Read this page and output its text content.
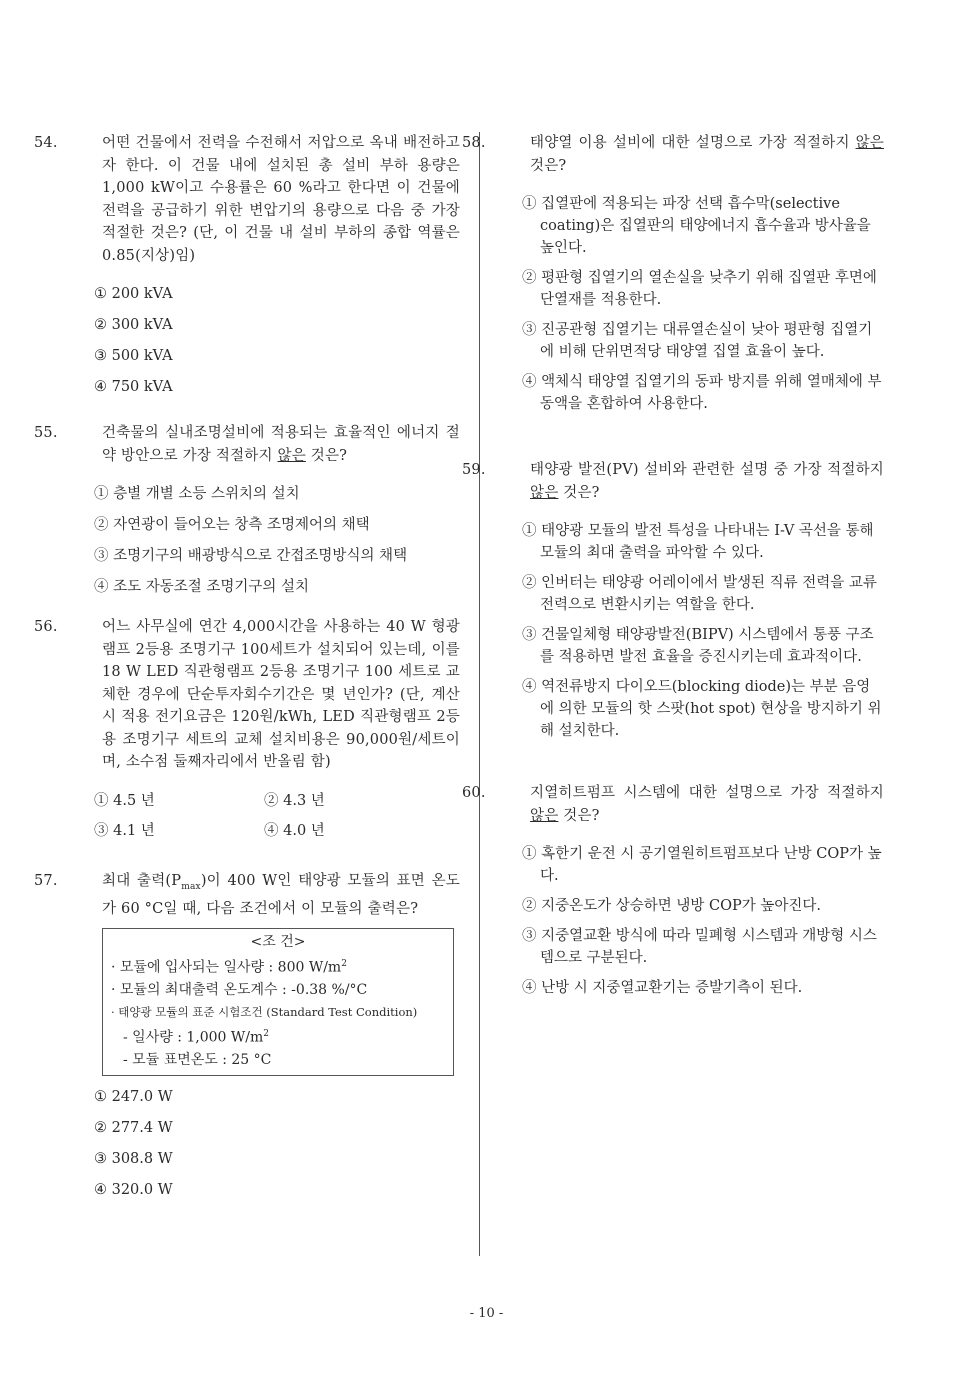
54.	어떤 건물에서 전력을 수전해서 저압으로 옥내 배전하고자 한다. 이 건물 내에 설치된 총 설비 부하 용량은 1,000 kW이고 수용률은 60 %라고 한다면 이 건물에 전력을 공급하기 위한 변압기의 용량으로 다음 중 가장 적절한 것은? (단, 이 건물 내 설비 부하의 종합 역률은 0.85(지상)임)
① 200 kVA
② 300 kVA
③ 500 kVA
④ 750 kVA
55.	건축물의 실내조명설비에 적용되는 효율적인 에너지 절약 방안으로 가장 적절하지 않은 것은?
① 층별 개별 소등 스위치의 설치
② 자연광이 들어오는 창측 조명제어의 채택
③ 조명기구의 배광방식으로 간접조명방식의 채택
④ 조도 자동조절 조명기구의 설치
56.	어느 사무실에 연간 4,000시간을 사용하는 40 W 형광램프 2등용 조명기구 100세트가 설치되어 있는데, 이를 18 W LED 직관형램프 2등용 조명기구 100 세트로 교체한 경우에 단순투자회수기간은 몇 년인가? (단, 계산 시 적용 전기요금은 120원/kWh, LED 직관형램프 2등용 조명기구 세트의 교체 설치비용은 90,000원/세트이며, 소수점 둘째자리에서 반올림 함)
① 4.5 년	② 4.3 년
③ 4.1 년	④ 4.0 년
57.	최대 출력$(P_{max})$이 400 W인 태양광 모듈의 표면 온도가 60 °C일 때, 다음 조건에서 이 모듈의 출력은?
<조 건>
· 모듈에 입사되는 일사량 : 800 $W/m^2$
· 모듈의 최대출력 온도계수 : -0.38 %/°C
· 태양광 모듈의 표준 시험조건 (Standard Test Condition)
- 일사량 : 1,000 $W/m^2$
- 모듈 표면온도 : 25 °C
① 247.0 W
② 277.4 W
③ 308.8 W
④ 320.0 W
58.	태양열 이용 설비에 대한 설명으로 가장 적절하지 않은 것은?
① 집열판에 적용되는 파장 선택 흡수막(selective coating)은 집열판의 태양에너지 흡수율과 방사율을 높인다.
② 평판형 집열기의 열손실을 낮추기 위해 집열판 후면에 단열재를 적용한다.
③ 진공관형 집열기는 대류열손실이 낮아 평판형 집열기에 비해 단위면적당 태양열 집열 효율이 높다.
④ 액체식 태양열 집열기의 동파 방지를 위해 열매체에 부동액을 혼합하여 사용한다.
59.	태양광 발전(PV) 설비와 관련한 설명 중 가장 적절하지 않은 것은?
① 태양광 모듈의 발전 특성을 나타내는 I-V 곡선을 통해 모듈의 최대 출력을 파악할 수 있다.
② 인버터는 태양광 어레이에서 발생된 직류 전력을 교류 전력으로 변환시키는 역할을 한다.
③ 건물일체형 태양광발전(BIPV) 시스템에서 통풍 구조를 적용하면 발전 효율을 증진시키는데 효과적이다.
④ 역전류방지 다이오드(blocking diode)는 부분 음영에 의한 모듈의 핫 스팟(hot spot) 현상을 방지하기 위해 설치한다.
60.	지열히트펌프 시스템에 대한 설명으로 가장 적절하지 않은 것은?
① 혹한기 운전 시 공기열원히트펌프보다 난방 COP가 높다.
② 지중온도가 상승하면 냉방 COP가 높아진다.
③ 지중열교환 방식에 따라 밀폐형 시스템과 개방형 시스템으로 구분된다.
④ 난방 시 지중열교환기는 증발기측이 된다.
- 10 -
